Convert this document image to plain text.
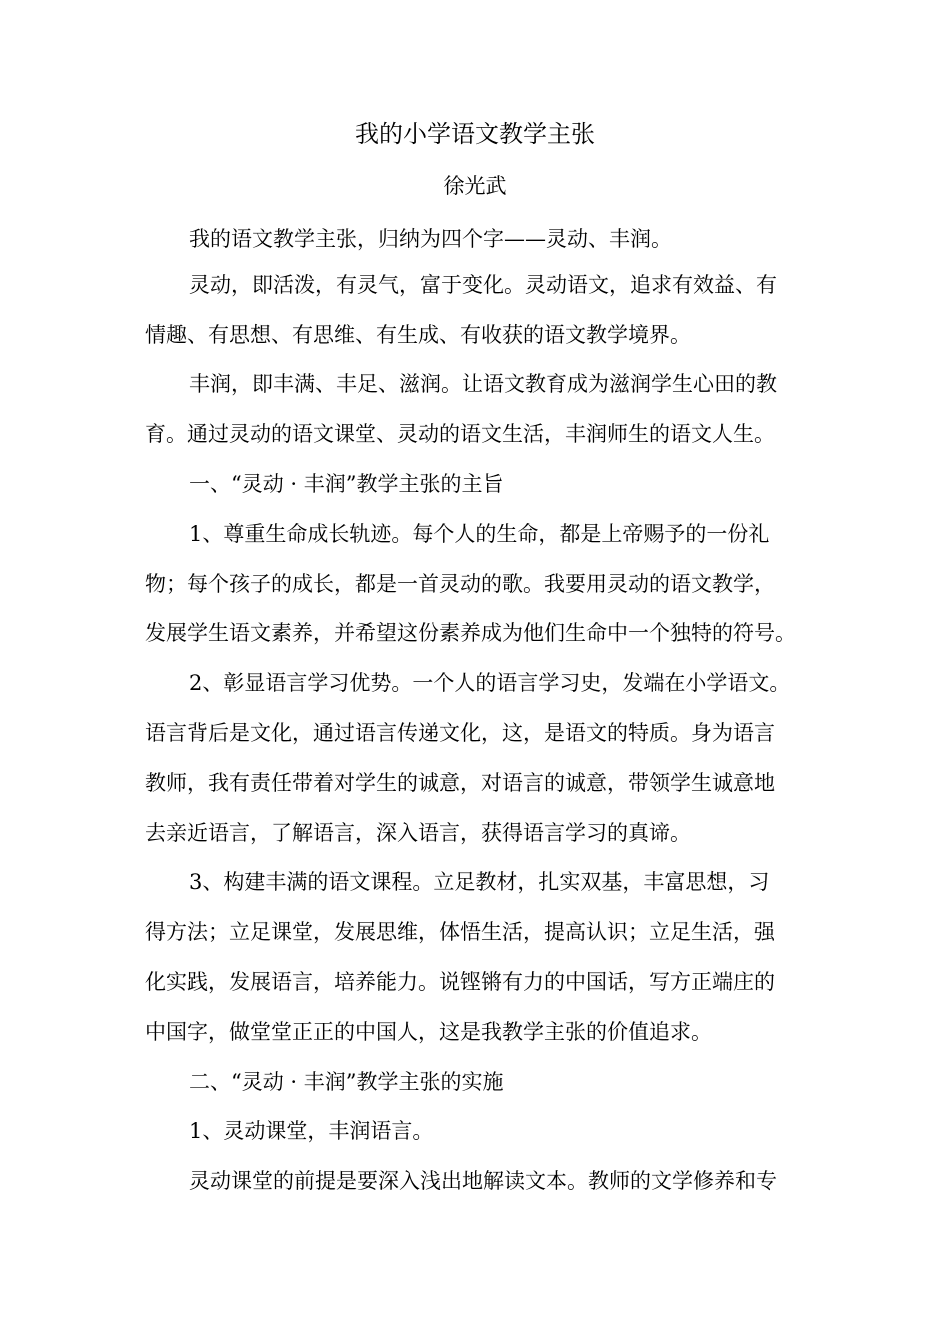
我的小学语文教学主张
徐光武
我的语文教学主张，归纳为四个字——灵动、丰润。
灵动，即活泼，有灵气，富于变化。灵动语文，追求有效益、有
情趣、有思想、有思维、有生成、有收获的语文教学境界。
丰润，即丰满、丰足、滋润。让语文教育成为滋润学生心田的教
育。通过灵动的语文课堂、灵动的语文生活，丰润师生的语文人生。
一、“灵动 · 丰润”教学主张的主旨
1、尊重生命成长轨迹。每个人的生命，都是上帝赐予的一份礼
物；每个孩子的成长，都是一首灵动的歌。我要用灵动的语文教学，
发展学生语文素养，并希望这份素养成为他们生命中一个独特的符号。
2、彰显语言学习优势。一个人的语言学习史，发端在小学语文。
语言背后是文化，通过语言传递文化，这，是语文的特质。身为语言
教师，我有责任带着对学生的诚意，对语言的诚意，带领学生诚意地
去亲近语言，了解语言，深入语言，获得语言学习的真谛。
3、构建丰满的语文课程。立足教材，扎实双基，丰富思想，习
得方法；立足课堂，发展思维，体悟生活，提高认识；立足生活，强
化实践，发展语言，培养能力。说铿锵有力的中国话，写方正端庄的
中国字，做堂堂正正的中国人，这是我教学主张的价值追求。
二、“灵动 · 丰润”教学主张的实施
1、灵动课堂，丰润语言。
灵动课堂的前提是要深入浅出地解读文本。教师的文学修养和专
